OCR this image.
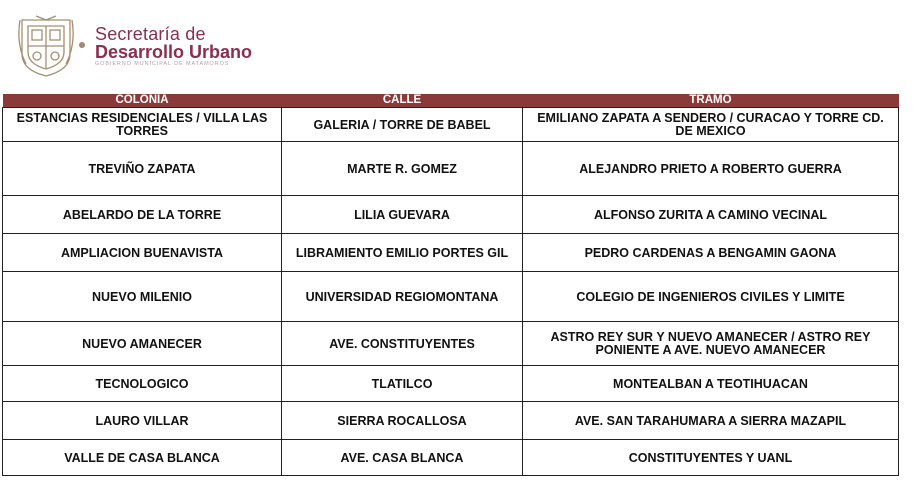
Secretaría de
Desarrollo Urbano
GOBIERNO MUNICIPAL DE MATAMOROS
COLONIA	CALLE	TRAMO
ESTANCIAS RESIDENCIALES / VILLA LAS TORRES	GALERIA / TORRE DE BABEL	EMILIANO ZAPATA A SENDERO / CURACAO Y TORRE CD. DE MEXICO
TREVIÑO ZAPATA	MARTE R. GOMEZ	ALEJANDRO PRIETO A ROBERTO GUERRA
ABELARDO DE LA TORRE	LILIA GUEVARA	ALFONSO ZURITA A CAMINO VECINAL
AMPLIACION BUENAVISTA	LIBRAMIENTO EMILIO PORTES GIL	PEDRO CARDENAS A BENGAMIN GAONA
NUEVO MILENIO	UNIVERSIDAD REGIOMONTANA	COLEGIO DE INGENIEROS CIVILES Y LIMITE
NUEVO AMANECER	AVE. CONSTITUYENTES	ASTRO REY SUR Y NUEVO AMANECER / ASTRO REY PONIENTE A AVE. NUEVO AMANECER
TECNOLOGICO	TLATILCO	MONTEALBAN A TEOTIHUACAN
LAURO VILLAR	SIERRA ROCALLOSA	AVE. SAN TARAHUMARA A SIERRA MAZAPIL
VALLE DE CASA BLANCA	AVE. CASA BLANCA	CONSTITUYENTES Y UANL
